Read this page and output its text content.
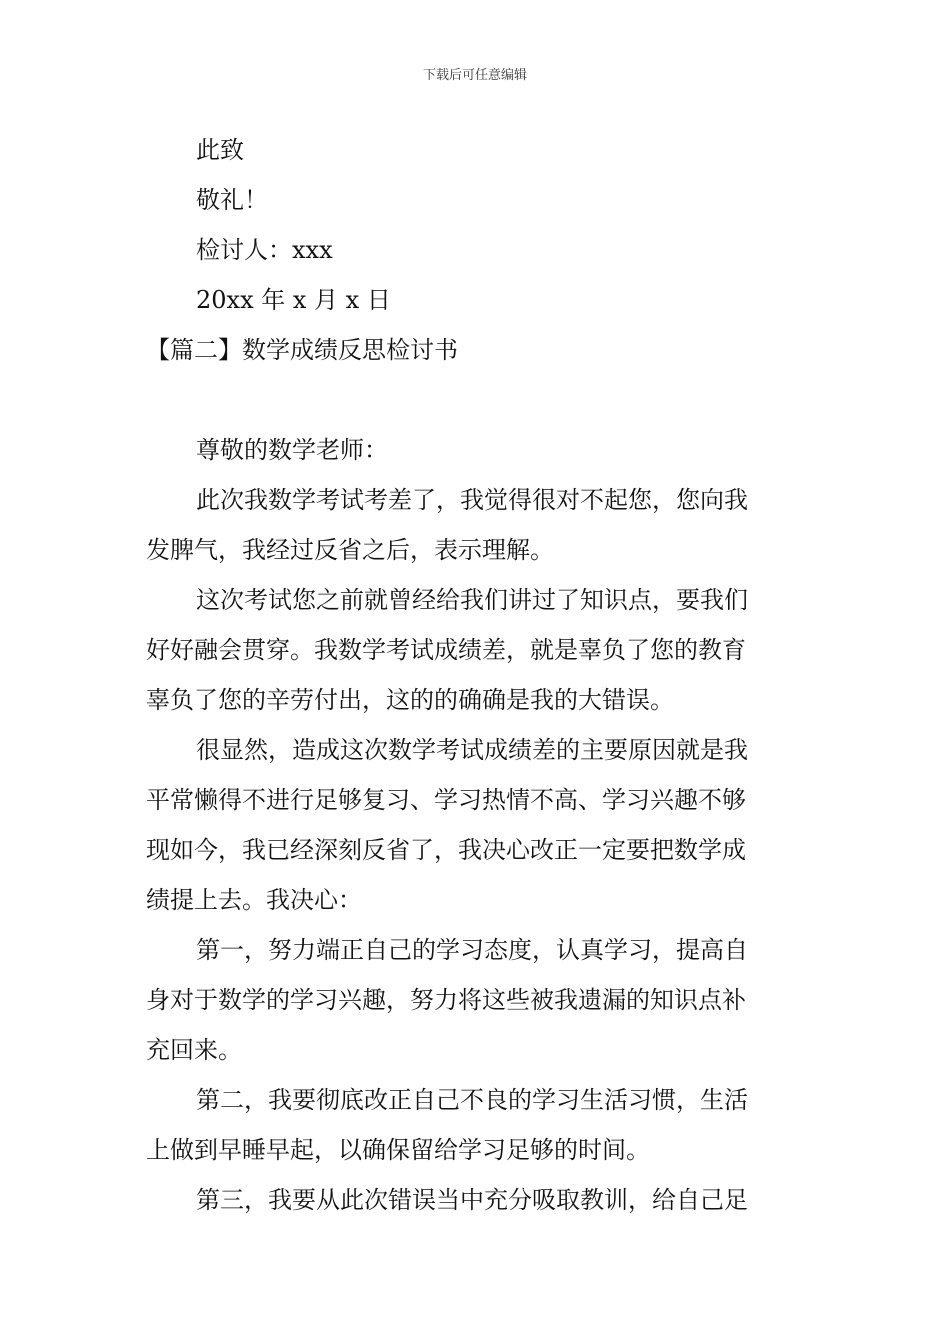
下载后可任意编辑
此致
敬礼！
检讨人：xxx
20xx 年 x 月 x 日
【篇二】数学成绩反思检讨书
尊敬的数学老师：
此次我数学考试考差了，我觉得很对不起您，您向我
发脾气，我经过反省之后，表示理解。
这次考试您之前就曾经给我们讲过了知识点，要我们
好好融会贯穿。我数学考试成绩差，就是辜负了您的教育
辜负了您的辛劳付出，这的的确确是我的大错误。
很显然，造成这次数学考试成绩差的主要原因就是我
平常懒得不进行足够复习、学习热情不高、学习兴趣不够
现如今，我已经深刻反省了，我决心改正一定要把数学成
绩提上去。我决心：
第一，努力端正自己的学习态度，认真学习，提高自
身对于数学的学习兴趣，努力将这些被我遗漏的知识点补
充回来。
第二，我要彻底改正自己不良的学习生活习惯，生活
上做到早睡早起，以确保留给学习足够的时间。
第三，我要从此次错误当中充分吸取教训，给自己足
